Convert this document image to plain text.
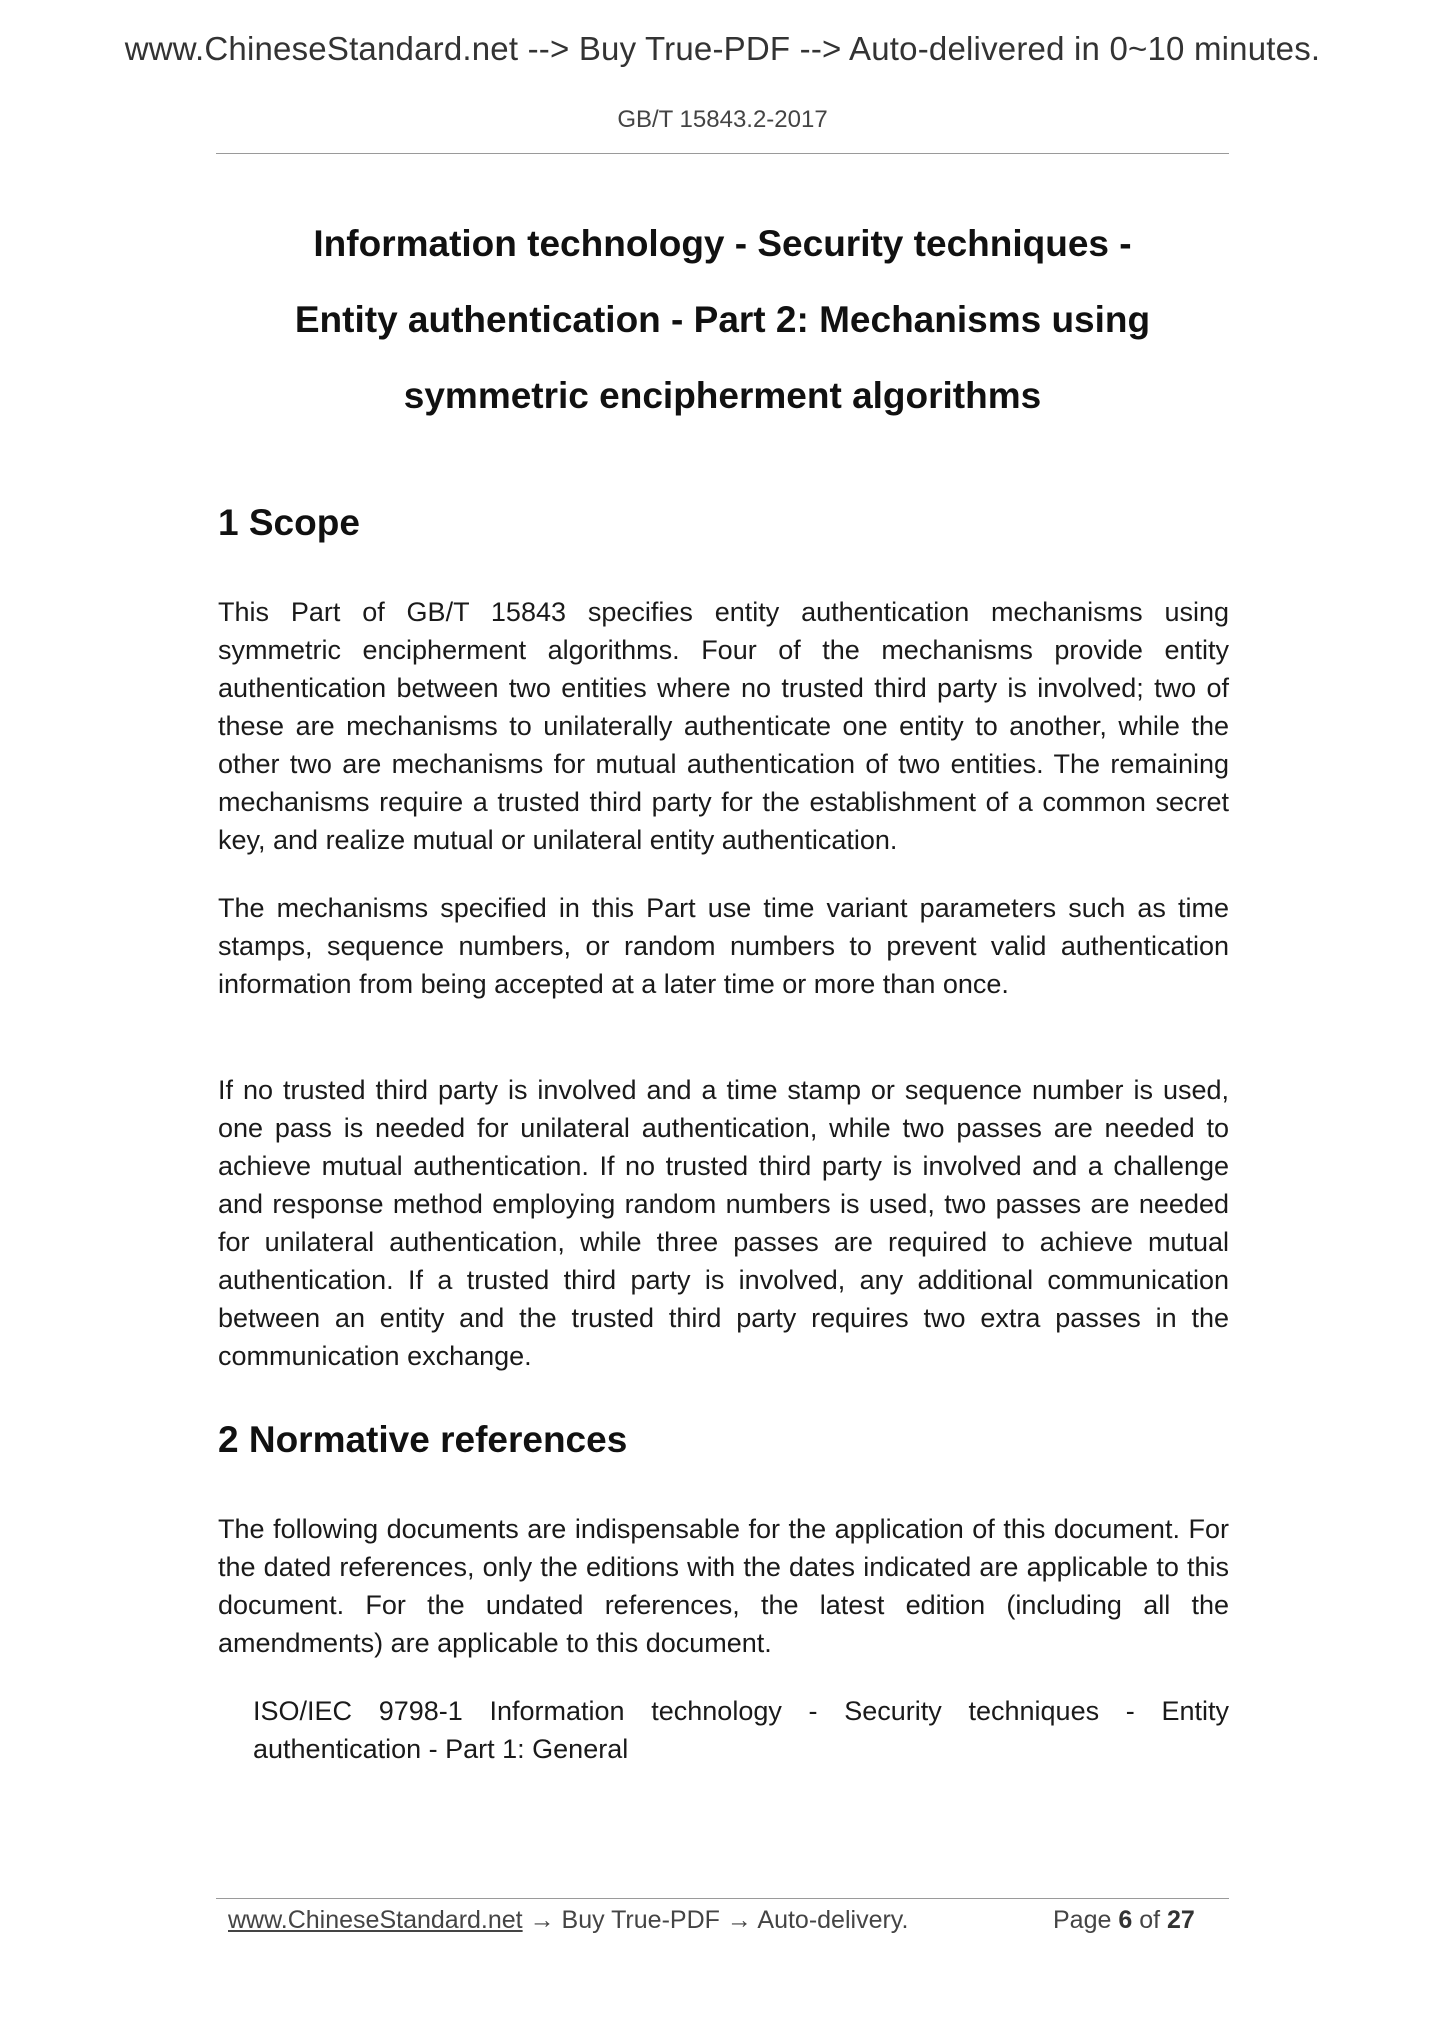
www.ChineseStandard.net --> Buy True-PDF --> Auto-delivered in 0~10 minutes.
GB/T 15843.2-2017
Information technology - Security techniques -
Entity authentication - Part 2: Mechanisms using
symmetric encipherment algorithms
1 Scope

This Part of GB/T 15843 specifies entity authentication mechanisms using symmetric encipherment algorithms. Four of the mechanisms provide entity authentication between two entities where no trusted third party is involved; two of these are mechanisms to unilaterally authenticate one entity to another, while the other two are mechanisms for mutual authentication of two entities. The remaining mechanisms require a trusted third party for the establishment of a common secret key, and realize mutual or unilateral entity authentication.

The mechanisms specified in this Part use time variant parameters such as time stamps, sequence numbers, or random numbers to prevent valid authentication information from being accepted at a later time or more than once.

If no trusted third party is involved and a time stamp or sequence number is used, one pass is needed for unilateral authentication, while two passes are needed to achieve mutual authentication. If no trusted third party is involved and a challenge and response method employing random numbers is used, two passes are needed for unilateral authentication, while three passes are required to achieve mutual authentication. If a trusted third party is involved, any additional communication between an entity and the trusted third party requires two extra passes in the communication exchange.

2 Normative references

The following documents are indispensable for the application of this document. For the dated references, only the editions with the dates indicated are applicable to this document. For the undated references, the latest edition (including all the amendments) are applicable to this document.

ISO/IEC 9798-1 Information technology - Security techniques - Entity authentication - Part 1: General
www.ChineseStandard.net → Buy True-PDF → Auto-delivery.	Page 6 of 27
